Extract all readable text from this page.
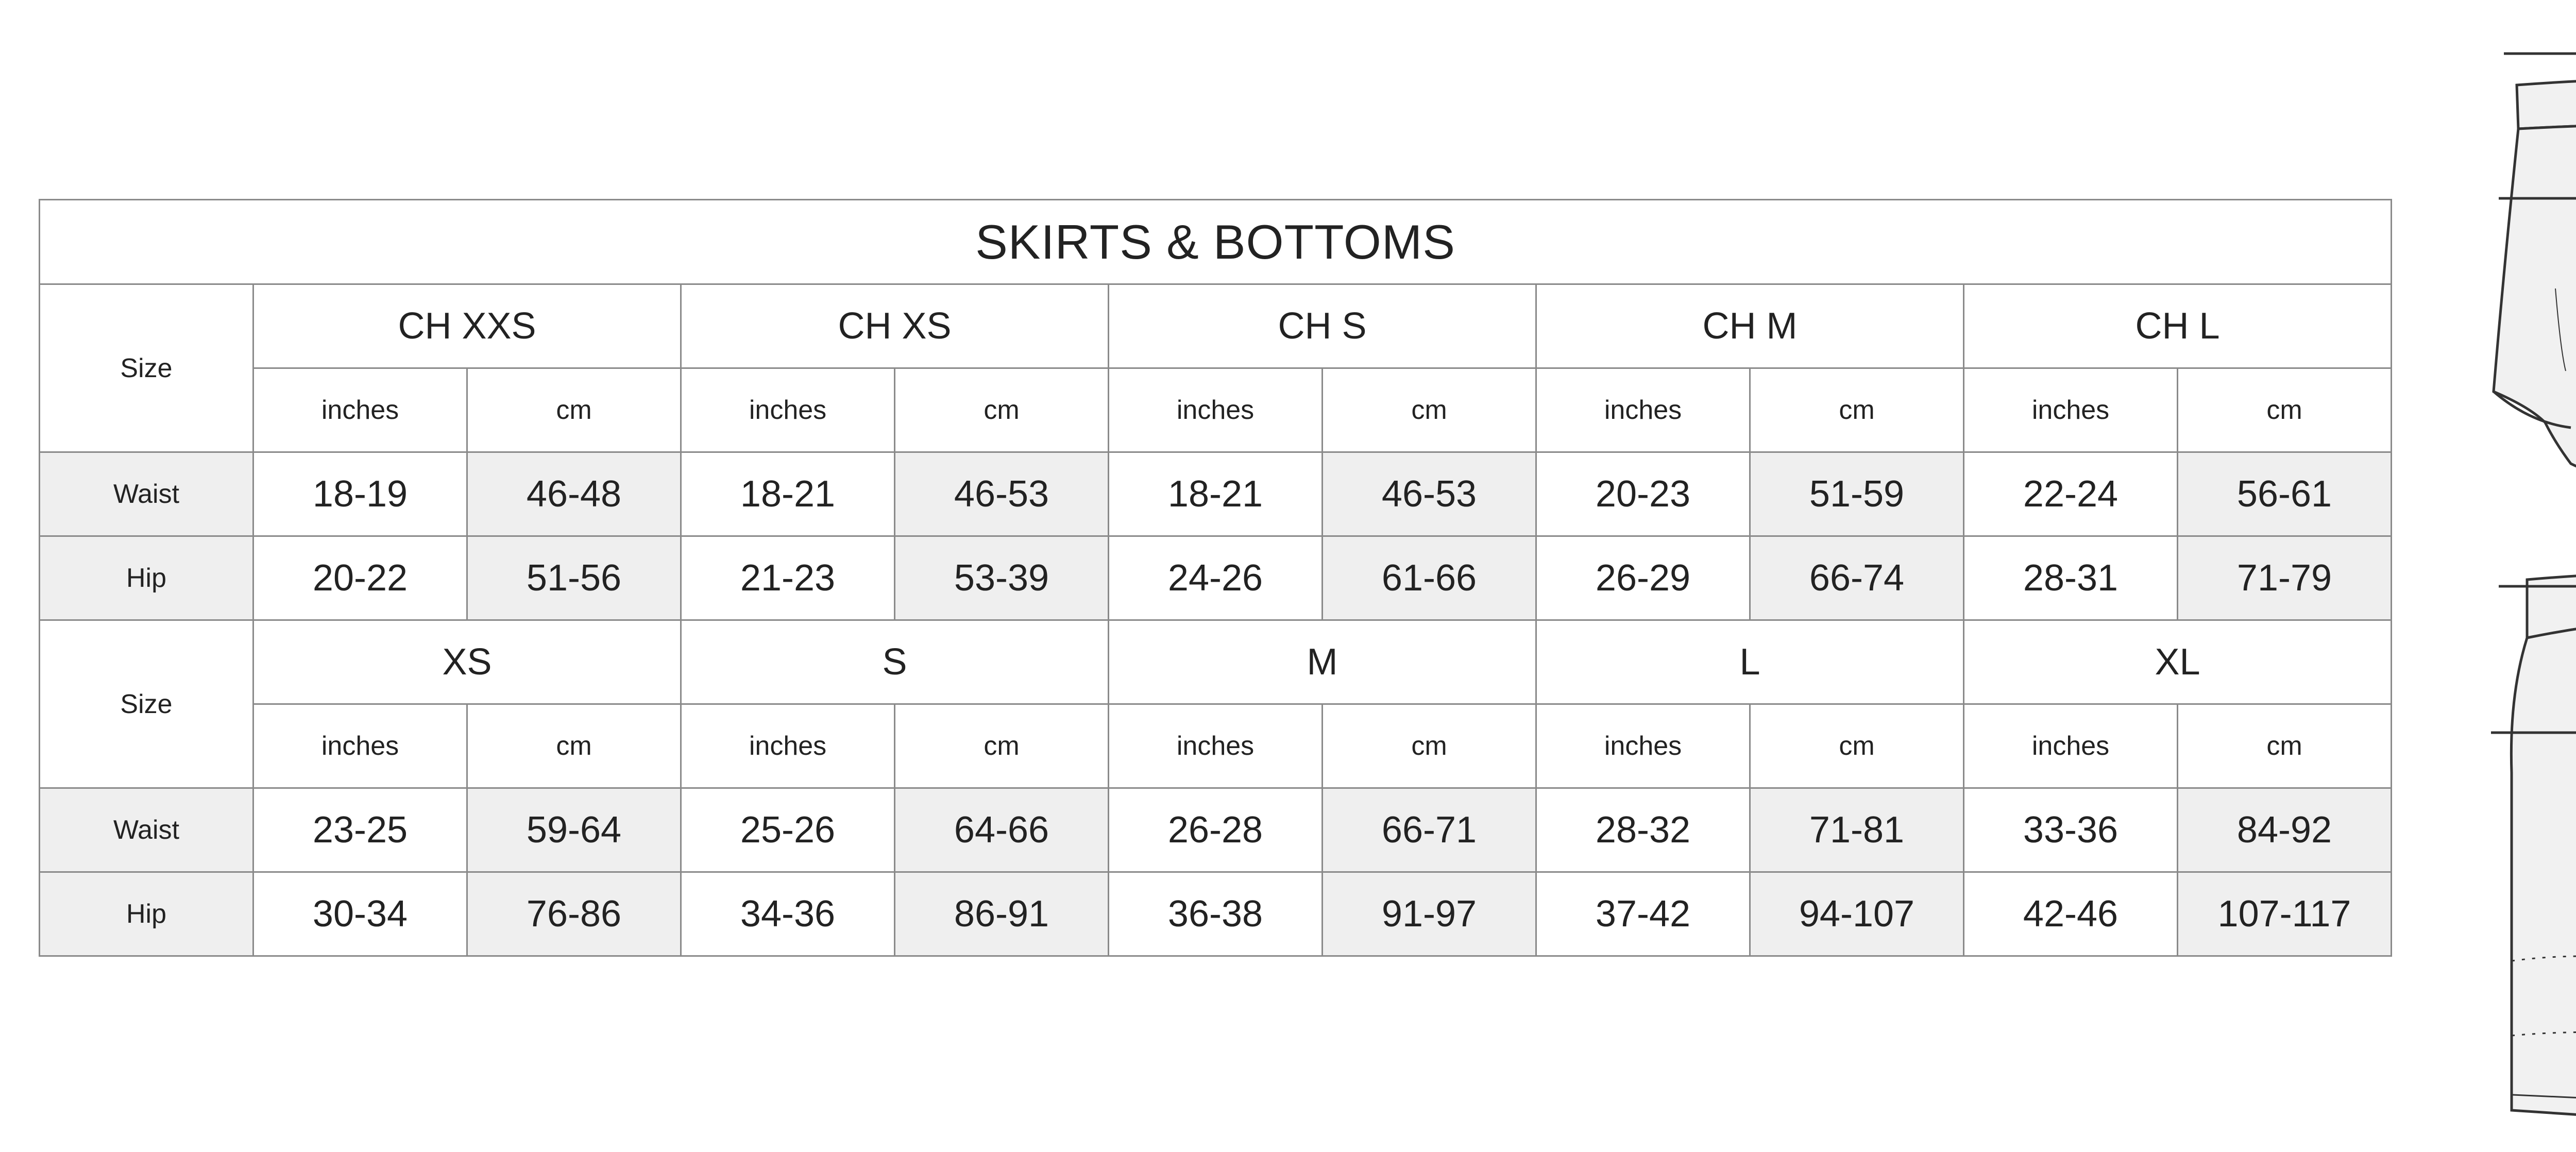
SKIRTS & BOTTOMS										
Size	CH XXS		CH XS		CH S		CH M		CH L	
	inches	cm	inches	cm	inches	cm	inches	cm	inches	cm
Waist	18-19	46-48	18-21	46-53	18-21	46-53	20-23	51-59	22-24	56-61
Hip	20-22	51-56	21-23	53-39	24-26	61-66	26-29	66-74	28-31	71-79
Size	XS		S		M		L		XL	
	inches	cm	inches	cm	inches	cm	inches	cm	inches	cm
Waist	23-25	59-64	25-26	64-66	26-28	66-71	28-32	71-81	33-36	84-92
Hip	30-34	76-86	34-36	86-91	36-38	91-97	37-42	94-107	42-46	107-117
